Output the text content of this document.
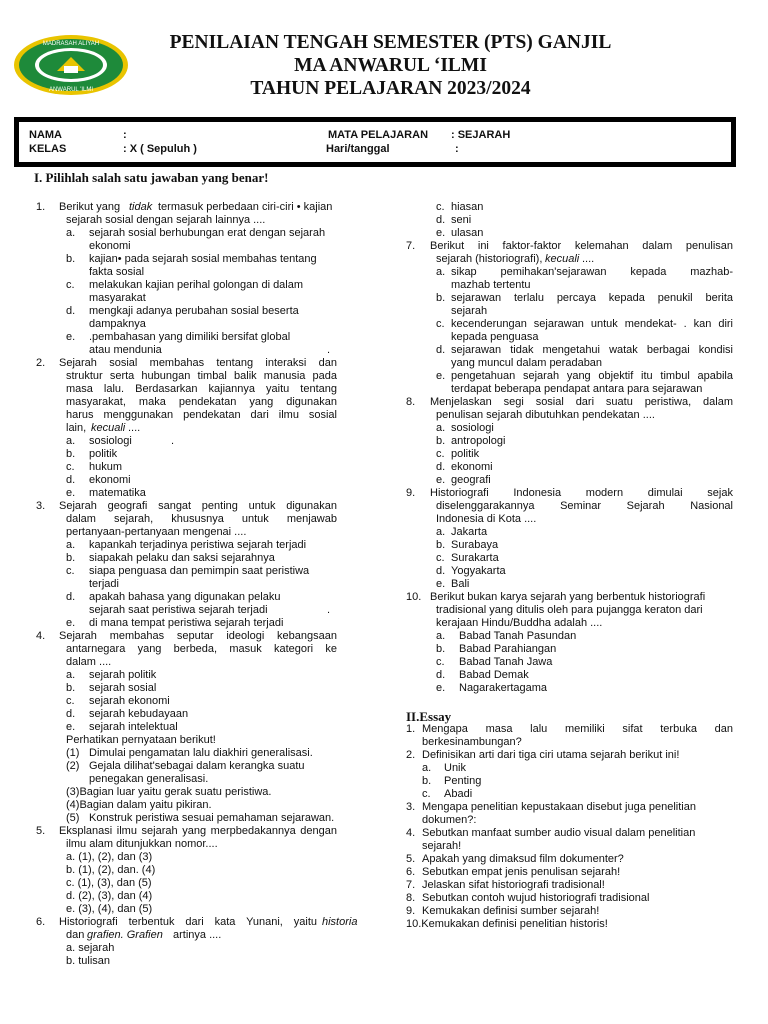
MADRASAH ALIYAH
ANWARUL 'ILMI
PENILAIAN TENGAH SEMESTER (PTS) GANJIL
MA ANWARUL ‘ILMI
TAHUN PELAJARAN 2023/2024
NAMA	:
KELAS	: X ( Sepuluh )
MATA PELAJARAN : SEJARAH
Hari/tanggal	:
I. Pilihlah salah satu jawaban yang benar!
II.Essay
1. Berikut yang tidak termasuk perbedaan ciri-ciri • kajian
sejarah sosial dengan sejarah lainnya ....
a. sejarah sosial berhubungan erat dengan sejarah
ekonomi
b. kajian• pada sejarah sosial membahas tentang
fakta sosial
c. melakukan kajian perihal golongan di dalam
masyarakat
d. mengkaji adanya perubahan sosial beserta
dampaknya
e. .pembahasan yang dimiliki bersifat global
atau mendunia	.
2.
a. sosiologi	.
b. politik
c. hukum
d. ekonomi
e. matematika
3.
a. kapankah terjadinya peristiwa sejarah terjadi
b. siapakah pelaku dan saksi sejarahnya
c. siapa penguasa dan pemimpin saat peristiwa
terjadi
d. apakah bahasa yang digunakan pelaku
sejarah saat peristiwa sejarah terjadi	.
e. di mana tempat peristiwa sejarah terjadi
4.
a. sejarah politik
b. sejarah sosial
c. sejarah ekonomi
d. sejarah kebudayaan
e. sejarah intelektual
Perhatikan pernyataan berikut!
(1) Dimulai pengamatan lalu diakhiri generalisasi.
(2) Gejala dilihat'sebagai dalam kerangka suatu
penegakan generalisasi.
(3)Bagian luar yaitu gerak suatu peristiwa.
(4)Bagian dalam yaitu pikiran.
(5) Konstruk peristiwa sesuai pemahaman sejarawan.
5.
a. (1), (2), dan (3)
b. (1), (2), dan. (4)
c. (1), (3), dan (5)
d. (2), (3), dan (4)
e. (3), (4), dan (5)
6.
dan grafien. Grafien artinya ....
a. sejarah
b. tulisan
lain, kecuali ....
pertanyaan-pertanyaan mengenai ....
dalam ....
ilmu alam ditunjukkan nomor....
Sejarah sosial membahas tentang interaksi dan
struktur serta hubungan timbal balik manusia pada
masa lalu. Berdasarkan kajiannya yaitu tentang
masyarakat, maka pendekatan yang digunakan
harus menggunakan pendekatan dari ilmu sosial
Sejarah geografi sangat penting untuk digunakan
dalam sejarah, khususnya untuk menjawab
Sejarah membahas seputar ideologi kebangsaan
antarnegara yang berbeda, masuk kategori ke
Eksplanasi ilmu sejarah yang merpbedakannya dengan
Historiografi terbentuk dari kata Yunani, yaitu historia
c. hiasan
d. seni
e. ulasan
7.
sejarah (historiografi), kecuali ....
a.
b.
sejarah
c.
kepada penguasa
d.
e.
8.
penulisan sejarah dibutuhkan pendekatan ....
a. sosiologi
b. antropologi
c. politik
d. ekonomi
e. geografi
9.
Indonesia di Kota ....
a. Jakarta
b. Surabaya
c. Surakarta
d. Yogyakarta
e. Bali
10. Berikut bukan karya sejarah yang berbentuk historiografi
tradisional yang ditulis oleh para pujangga keraton dari
kerajaan Hindu/Buddha adalah ....
a. Babad Tanah Pasundan
b. Babad Parahiangan
c. Babad Tanah Jawa
d. Babad Demak
e. Nagarakertagama
1.
berkesinambungan?
2. Definisikan arti dari tiga ciri utama sejarah berikut ini!
a. Unik
b. Penting
c. Abadi
3. Mengapa penelitian kepustakaan disebut juga penelitian
dokumen?:
4. Sebutkan manfaat sumber audio visual dalam penelitian
sejarah!
5. Apakah yang dimaksud film dokumenter?
6. Sebutkan empat jenis penulisan sejarah!
7. Jelaskan sifat historiografi tradisional!
8. Sebutkan contoh wujud historiografi tradisional
9. Kemukakan definisi sumber sejarah!
10.Kemukakan definisi penelitian historis!
Berikut ini faktor-faktor kelemahan dalam penulisan
sikap pemihakan'sejarawan kepada mazhab-
mazhab tertentu
sejarawan terlalu percaya kepada penukil berita
kecenderungan sejarawan untuk mendekat- . kan diri
sejarawan tidak mengetahui watak berbagai kondisi
yang muncul dalam peradaban
pengetahuan sejarah yang objektif itu timbul apabila
terdapat beberapa pendapat antara para sejarawan
Menjelaskan segi sosial dari suatu peristiwa, dalam
Historiografi Indonesia modern dimulai sejak
diselenggarakannya Seminar Sejarah Nasional
Mengapa masa lalu memiliki sifat terbuka dan
